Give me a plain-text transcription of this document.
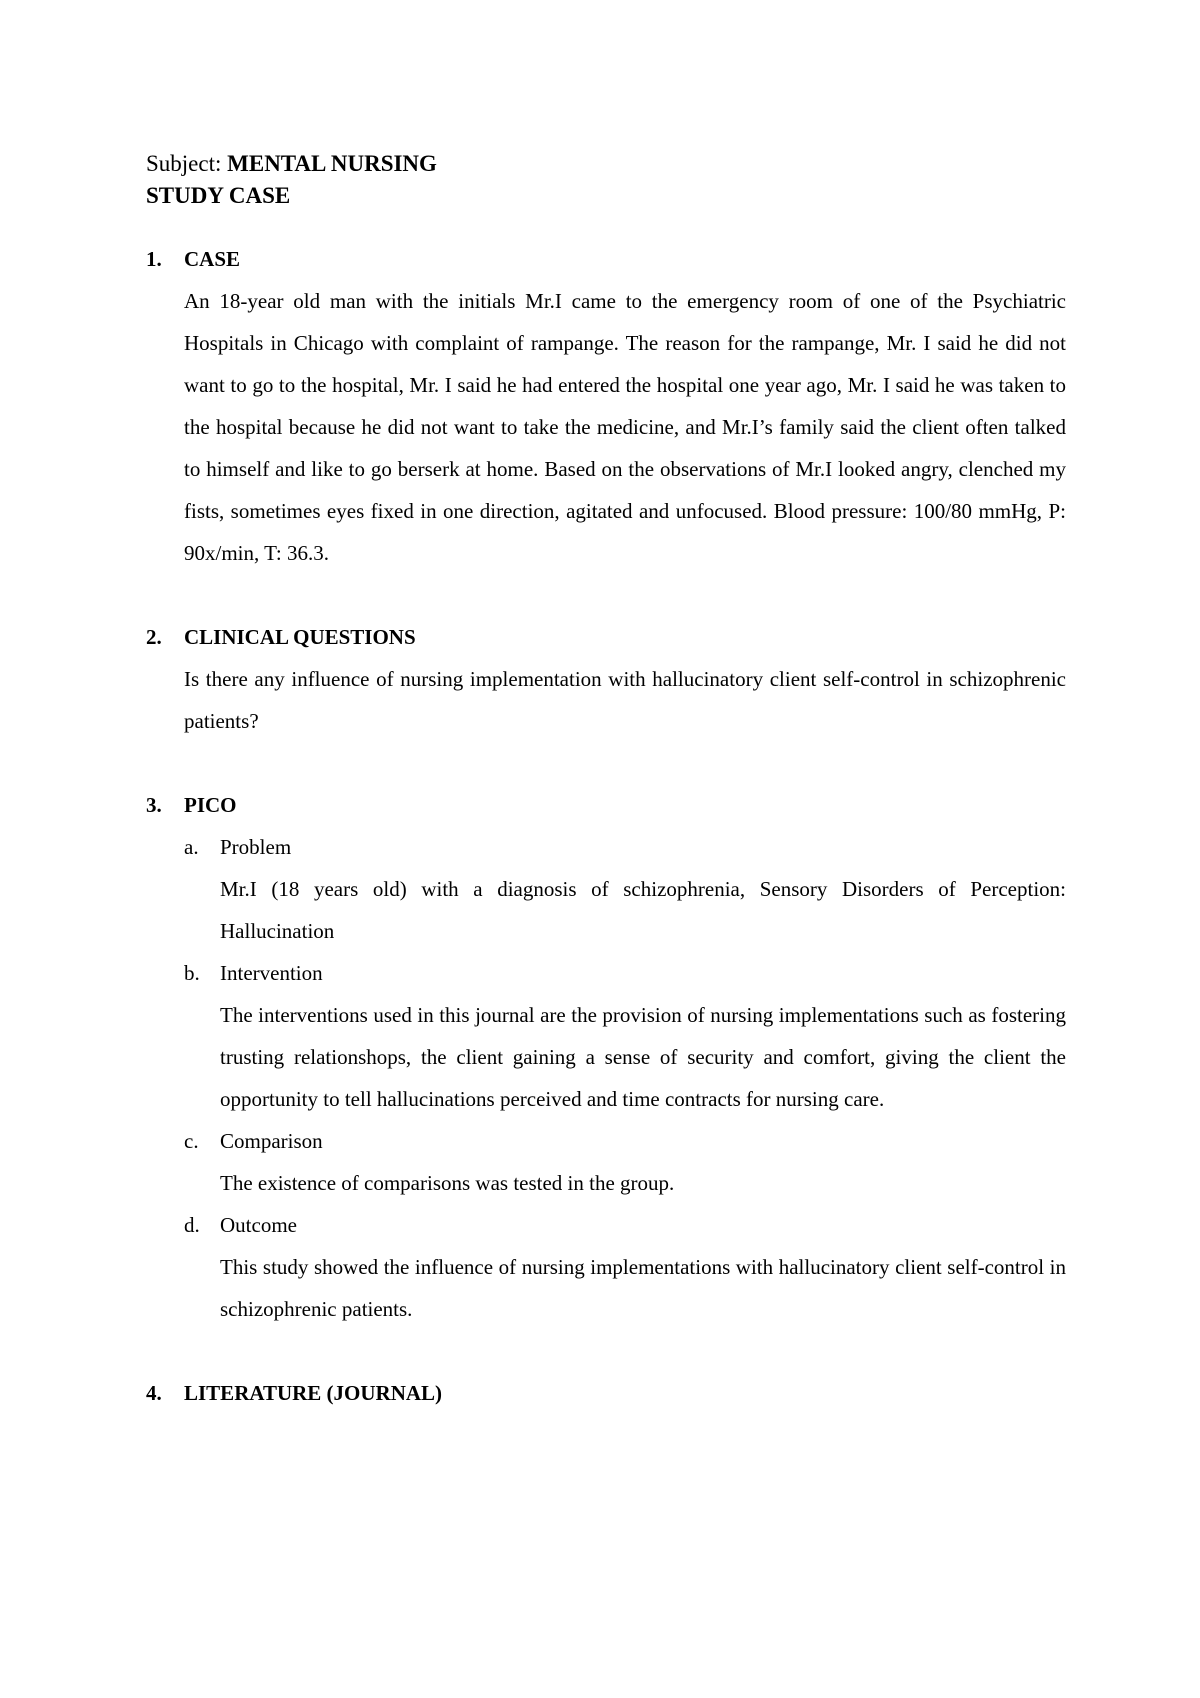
Subject: MENTAL NURSING

STUDY CASE

1.	CASE

An 18-year old man with the initials Mr.I came to the emergency room of one of the Psychiatric Hospitals in Chicago with complaint of rampange. The reason for the rampange, Mr. I said he did not want to go to the hospital, Mr. I said he had entered the hospital one year ago, Mr. I said he was taken to the hospital because he did not want to take the medicine, and Mr.I’s family said the client often talked to himself and like to go berserk at home. Based on the observations of Mr.I looked angry, clenched my fists, sometimes eyes fixed in one direction, agitated and unfocused. Blood pressure: 100/80 mmHg, P: 90x/min, T: 36.3.

2.	CLINICAL QUESTIONS

Is there any influence of nursing implementation with hallucinatory client self-control in schizophrenic patients?

3.	PICO
a.	Problem

Mr.I (18 years old) with a diagnosis of schizophrenia, Sensory Disorders of Perception: Hallucination

b. Intervention

The interventions used in this journal are the provision of nursing implementations such as fostering trusting relationshops, the client gaining a sense of security and comfort, giving the client the opportunity to tell hallucinations perceived and time contracts for nursing care.

c.	Comparison

The existence of comparisons was tested in the group.

d. Outcome

This study showed the influence of nursing implementations with hallucinatory client self-control in schizophrenic patients.

4.	LITERATURE (JOURNAL)
